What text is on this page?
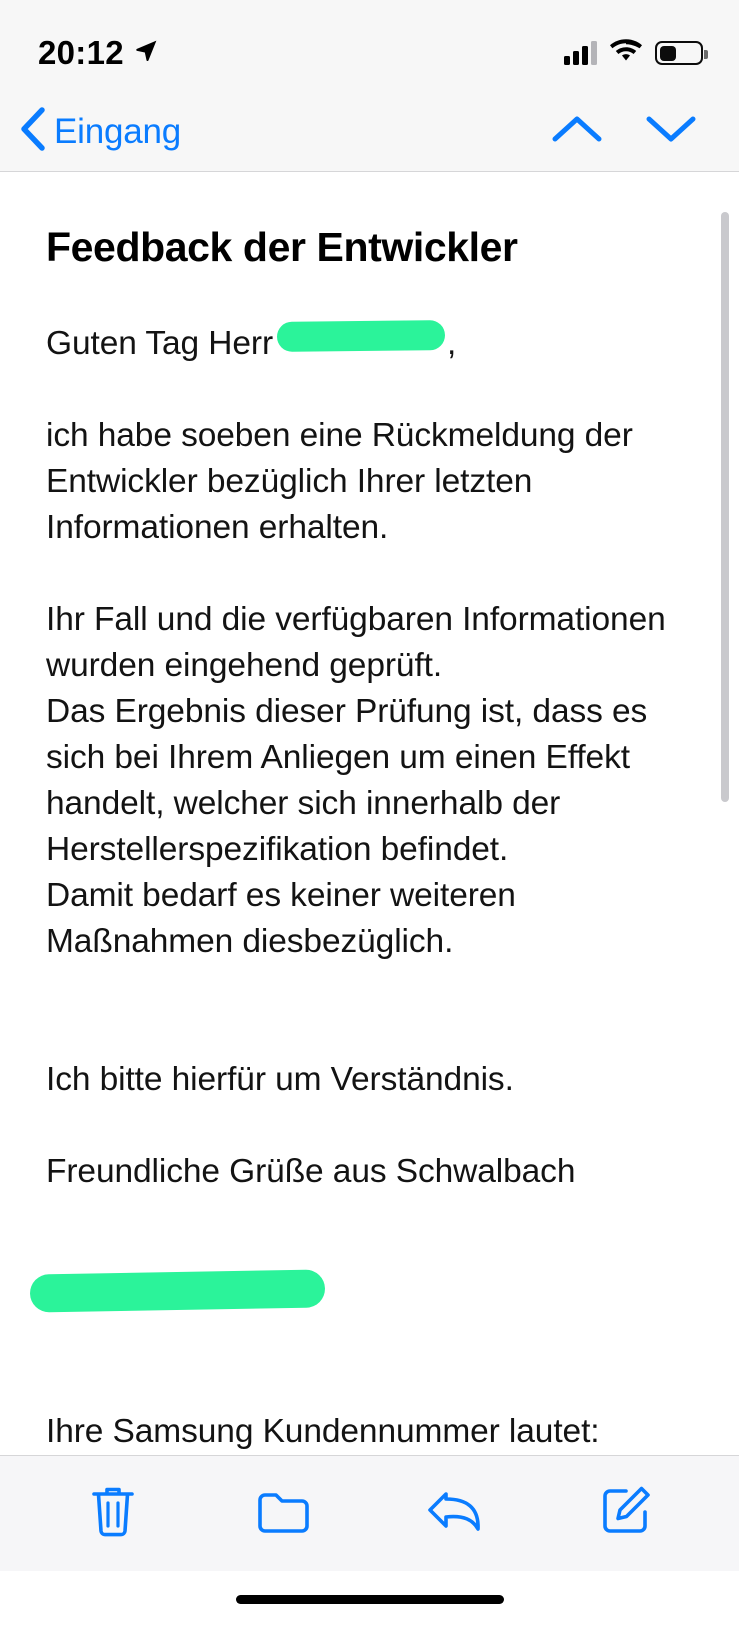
20:12
Eingang
Feedback der Entwickler
Guten Tag Herr	,
ich habe soeben eine Rückmeldung der Entwickler bezüglich Ihrer letzten Informationen erhalten.
Ihr Fall und die verfügbaren Informationen wurden eingehend geprüft.
Das Ergebnis dieser Prüfung ist, dass es sich bei Ihrem Anliegen um einen Effekt handelt, welcher sich innerhalb der Herstellerspezifikation befindet.
Damit bedarf es keiner weiteren Maßnahmen diesbezüglich.
Ich bitte hierfür um Verständnis.
Freundliche Grüße aus Schwalbach
Ihre Samsung Kundennummer lautet:
